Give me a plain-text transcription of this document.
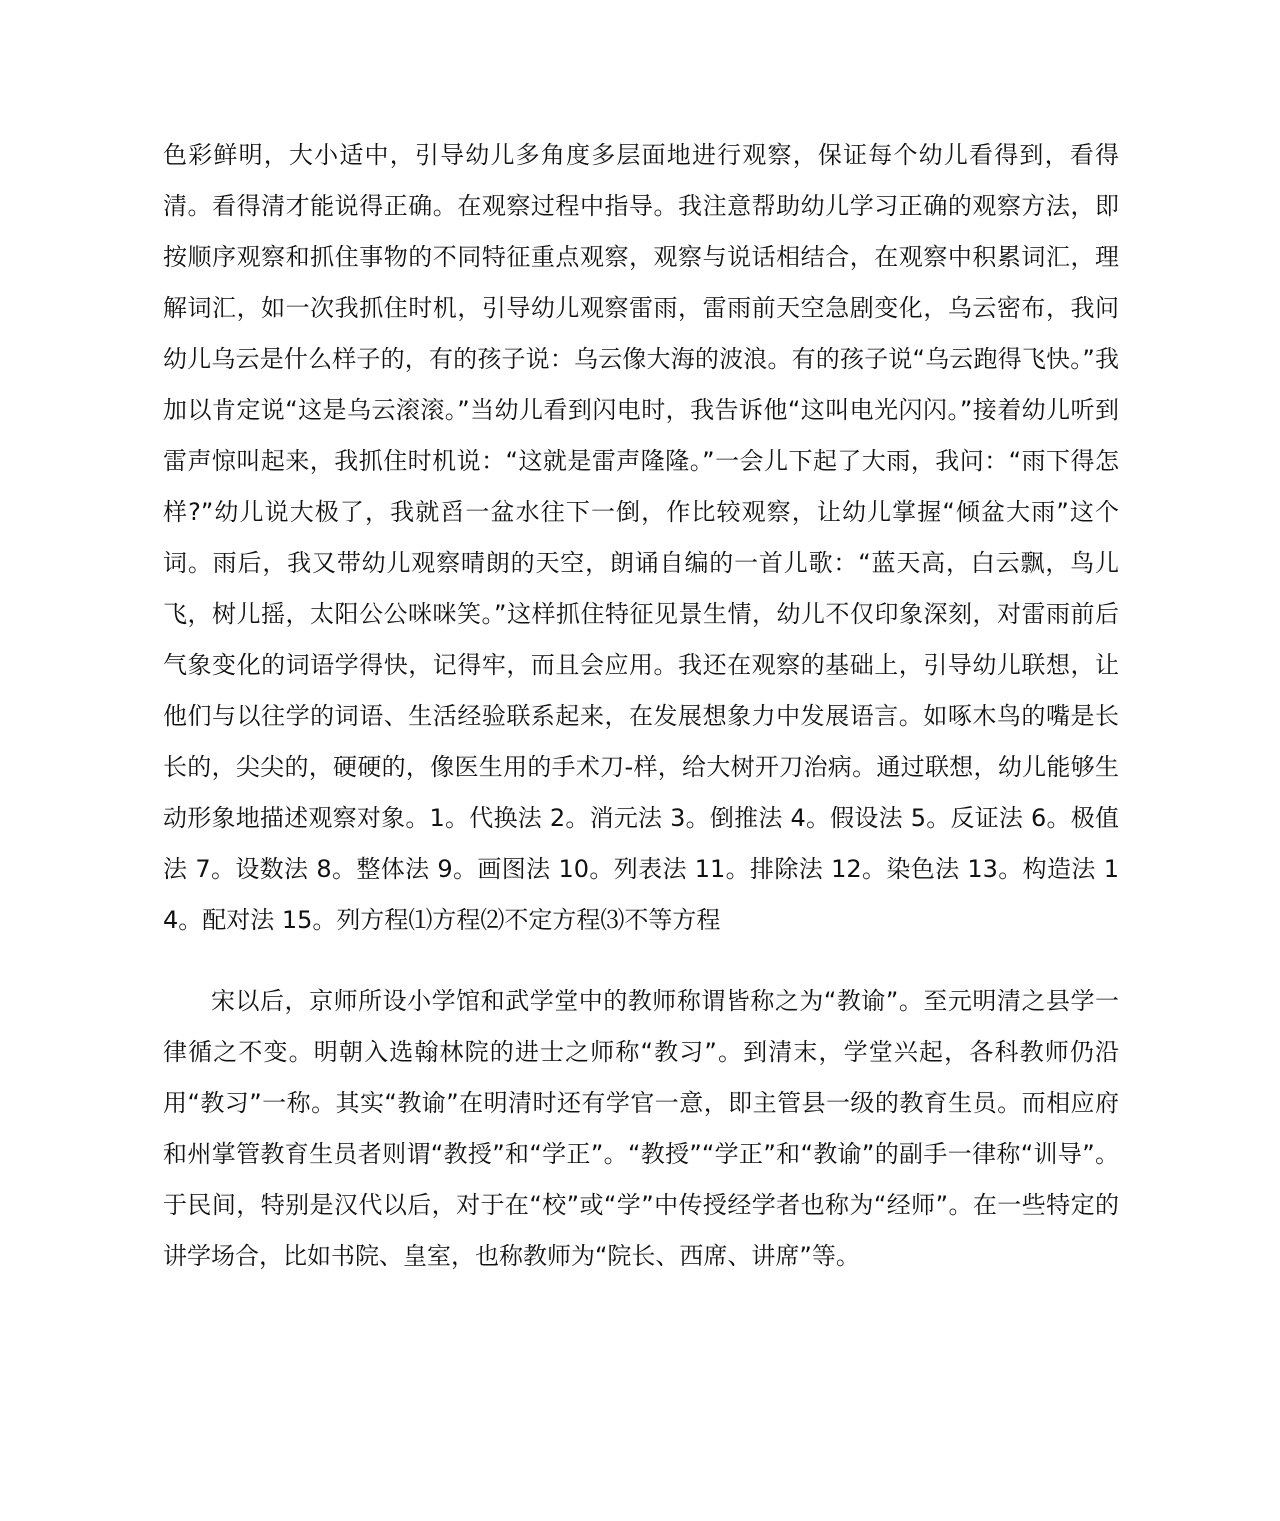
色彩鲜明，大小适中，引导幼儿多角度多层面地进行观察，保证每个幼儿看得到，看得清。看得清才能说得正确。在观察过程中指导。我注意帮助幼儿学习正确的观察方法，即按顺序观察和抓住事物的不同特征重点观察，观察与说话相结合，在观察中积累词汇，理解词汇，如一次我抓住时机，引导幼儿观察雷雨，雷雨前天空急剧变化，乌云密布，我问幼儿乌云是什么样子的，有的孩子说：乌云像大海的波浪。有的孩子说“乌云跑得飞快。”我加以肯定说“这是乌云滚滚。”当幼儿看到闪电时，我告诉他“这叫电光闪闪。”接着幼儿听到雷声惊叫起来，我抓住时机说：“这就是雷声隆隆。”一会儿下起了大雨，我问：“雨下得怎样?”幼儿说大极了，我就舀一盆水往下一倒，作比较观察，让幼儿掌握“倾盆大雨”这个词。雨后，我又带幼儿观察晴朗的天空，朗诵自编的一首儿歌：“蓝天高，白云飘，鸟儿飞，树儿摇，太阳公公咪咪笑。”这样抓住特征见景生情，幼儿不仅印象深刻，对雷雨前后气象变化的词语学得快，记得牢，而且会应用。我还在观察的基础上，引导幼儿联想，让他们与以往学的词语、生活经验联系起来，在发展想象力中发展语言。如啄木鸟的嘴是长长的，尖尖的，硬硬的，像医生用的手术刀-样，给大树开刀治病。通过联想，幼儿能够生动形象地描述观察对象。1。代换法 2。消元法 3。倒推法 4。假设法 5。反证法 6。极值法 7。设数法 8。整体法 9。画图法 10。列表法 11。排除法 12。染色法 13。构造法 14。配对法 15。列方程⑴方程⑵不定方程⑶不等方程

宋以后，京师所设小学馆和武学堂中的教师称谓皆称之为“教谕”。至元明清之县学一律循之不变。明朝入选翰林院的进士之师称“教习”。到清末，学堂兴起，各科教师仍沿用“教习”一称。其实“教谕”在明清时还有学官一意，即主管县一级的教育生员。而相应府和州掌管教育生员者则谓“教授”和“学正”。“教授”“学正”和“教谕”的副手一律称“训导”。于民间，特别是汉代以后，对于在“校”或“学”中传授经学者也称为“经师”。在一些特定的讲学场合，比如书院、皇室，也称教师为“院长、西席、讲席”等。
